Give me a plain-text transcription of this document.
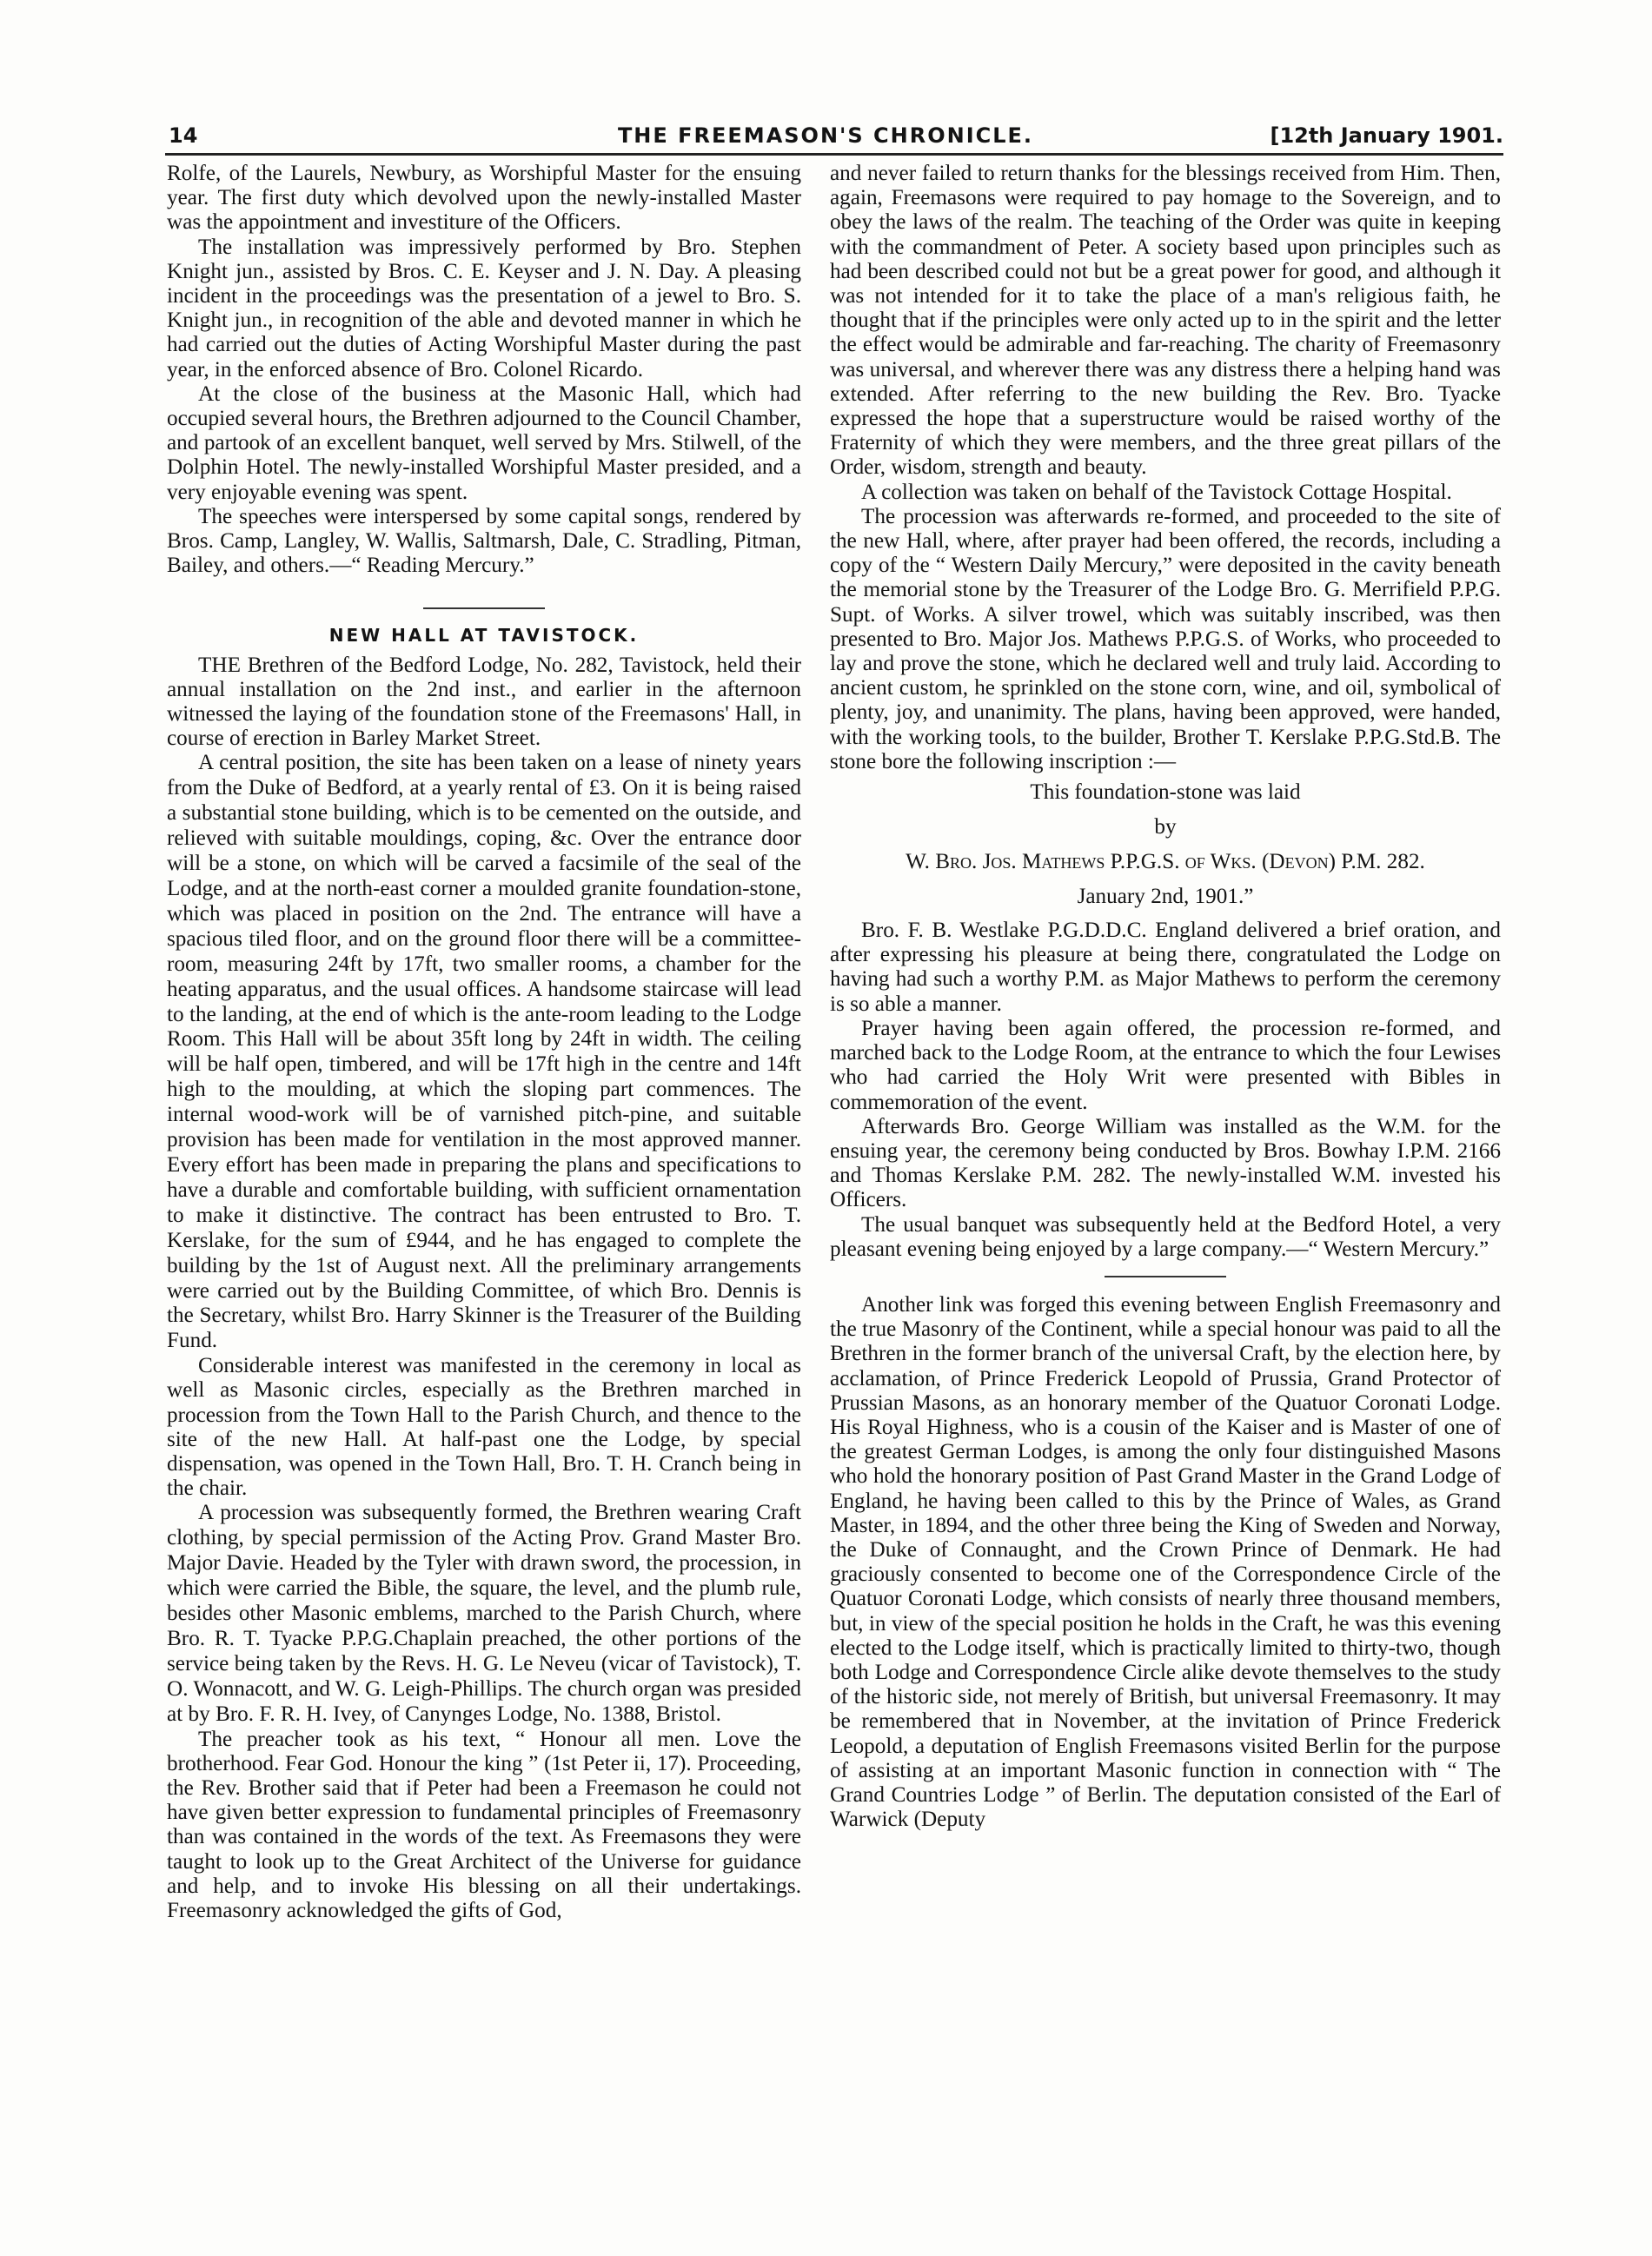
14	THE FREEMASON'S CHRONICLE.	[12th January 1901.

Rolfe, of the Laurels, Newbury, as Worshipful Master for the ensuing year. The first duty which devolved upon the newly-installed Master was the appointment and investiture of the Officers.

The installation was impressively performed by Bro. Stephen Knight jun., assisted by Bros. C. E. Keyser and J. N. Day. A pleasing incident in the proceedings was the presentation of a jewel to Bro. S. Knight jun., in recognition of the able and devoted manner in which he had carried out the duties of Acting Worshipful Master during the past year, in the enforced absence of Bro. Colonel Ricardo.

At the close of the business at the Masonic Hall, which had occupied several hours, the Brethren adjourned to the Council Chamber, and partook of an excellent banquet, well served by Mrs. Stilwell, of the Dolphin Hotel. The newly-installed Worshipful Master presided, and a very enjoyable evening was spent.

The speeches were interspersed by some capital songs, rendered by Bros. Camp, Langley, W. Wallis, Saltmarsh, Dale, C. Stradling, Pitman, Bailey, and others.—“ Reading Mercury.”

NEW HALL AT TAVISTOCK.

THE Brethren of the Bedford Lodge, No. 282, Tavistock, held their annual installation on the 2nd inst., and earlier in the afternoon witnessed the laying of the foundation stone of the Freemasons' Hall, in course of erection in Barley Market Street.

A central position, the site has been taken on a lease of ninety years from the Duke of Bedford, at a yearly rental of £3. On it is being raised a substantial stone building, which is to be cemented on the outside, and relieved with suitable mouldings, coping, &c. Over the entrance door will be a stone, on which will be carved a facsimile of the seal of the Lodge, and at the north-east corner a moulded granite foundation-stone, which was placed in position on the 2nd. The entrance will have a spacious tiled floor, and on the ground floor there will be a committee-room, measuring 24ft by 17ft, two smaller rooms, a chamber for the heating apparatus, and the usual offices. A handsome staircase will lead to the landing, at the end of which is the ante-room leading to the Lodge Room. This Hall will be about 35ft long by 24ft in width. The ceiling will be half open, timbered, and will be 17ft high in the centre and 14ft high to the moulding, at which the sloping part commences. The internal wood-work will be of varnished pitch-pine, and suitable provision has been made for ventilation in the most approved manner. Every effort has been made in preparing the plans and specifications to have a durable and comfortable building, with sufficient ornamentation to make it distinctive. The contract has been entrusted to Bro. T. Kerslake, for the sum of £944, and he has engaged to complete the building by the 1st of August next. All the preliminary arrangements were carried out by the Building Committee, of which Bro. Dennis is the Secretary, whilst Bro. Harry Skinner is the Treasurer of the Building Fund.

Considerable interest was manifested in the ceremony in local as well as Masonic circles, especially as the Brethren marched in procession from the Town Hall to the Parish Church, and thence to the site of the new Hall. At half-past one the Lodge, by special dispensation, was opened in the Town Hall, Bro. T. H. Cranch being in the chair.

A procession was subsequently formed, the Brethren wearing Craft clothing, by special permission of the Acting Prov. Grand Master Bro. Major Davie. Headed by the Tyler with drawn sword, the procession, in which were carried the Bible, the square, the level, and the plumb rule, besides other Masonic emblems, marched to the Parish Church, where Bro. R. T. Tyacke P.P.G.Chaplain preached, the other portions of the service being taken by the Revs. H. G. Le Neveu (vicar of Tavistock), T. O. Wonnacott, and W. G. Leigh-Phillips. The church organ was presided at by Bro. F. R. H. Ivey, of Canynges Lodge, No. 1388, Bristol.

The preacher took as his text, “ Honour all men. Love the brotherhood. Fear God. Honour the king ” (1st Peter ii, 17). Proceeding, the Rev. Brother said that if Peter had been a Freemason he could not have given better expression to fundamental principles of Freemasonry than was contained in the words of the text. As Freemasons they were taught to look up to the Great Architect of the Universe for guidance and help, and to invoke His blessing on all their undertakings. Freemasonry acknowledged the gifts of God,

and never failed to return thanks for the blessings received from Him. Then, again, Freemasons were required to pay homage to the Sovereign, and to obey the laws of the realm. The teaching of the Order was quite in keeping with the commandment of Peter. A society based upon principles such as had been described could not but be a great power for good, and although it was not intended for it to take the place of a man's religious faith, he thought that if the principles were only acted up to in the spirit and the letter the effect would be admirable and far-reaching. The charity of Freemasonry was universal, and wherever there was any distress there a helping hand was extended. After referring to the new building the Rev. Bro. Tyacke expressed the hope that a superstructure would be raised worthy of the Fraternity of which they were members, and the three great pillars of the Order, wisdom, strength and beauty.

A collection was taken on behalf of the Tavistock Cottage Hospital.

The procession was afterwards re-formed, and proceeded to the site of the new Hall, where, after prayer had been offered, the records, including a copy of the “ Western Daily Mercury,” were deposited in the cavity beneath the memorial stone by the Treasurer of the Lodge Bro. G. Merrifield P.P.G. Supt. of Works. A silver trowel, which was suitably inscribed, was then presented to Bro. Major Jos. Mathews P.P.G.S. of Works, who proceeded to lay and prove the stone, which he declared well and truly laid. According to ancient custom, he sprinkled on the stone corn, wine, and oil, symbolical of plenty, joy, and unanimity. The plans, having been approved, were handed, with the working tools, to the builder, Brother T. Kerslake P.P.G.Std.B. The stone bore the following inscription :—

This foundation-stone was laid
by
W. Bro. Jos. Mathews P.P.G.S. of Wks. (Devon) P.M. 282.
January 2nd, 1901.”

Bro. F. B. Westlake P.G.D.D.C. England delivered a brief oration, and after expressing his pleasure at being there, congratulated the Lodge on having had such a worthy P.M. as Major Mathews to perform the ceremony is so able a manner.

Prayer having been again offered, the procession re-formed, and marched back to the Lodge Room, at the entrance to which the four Lewises who had carried the Holy Writ were presented with Bibles in commemoration of the event.

Afterwards Bro. George William was installed as the W.M. for the ensuing year, the ceremony being conducted by Bros. Bowhay I.P.M. 2166 and Thomas Kerslake P.M. 282. The newly-installed W.M. invested his Officers.

The usual banquet was subsequently held at the Bedford Hotel, a very pleasant evening being enjoyed by a large company.—“ Western Mercury.”

Another link was forged this evening between English Freemasonry and the true Masonry of the Continent, while a special honour was paid to all the Brethren in the former branch of the universal Craft, by the election here, by acclamation, of Prince Frederick Leopold of Prussia, Grand Protector of Prussian Masons, as an honorary member of the Quatuor Coronati Lodge. His Royal Highness, who is a cousin of the Kaiser and is Master of one of the greatest German Lodges, is among the only four distinguished Masons who hold the honorary position of Past Grand Master in the Grand Lodge of England, he having been called to this by the Prince of Wales, as Grand Master, in 1894, and the other three being the King of Sweden and Norway, the Duke of Connaught, and the Crown Prince of Denmark. He had graciously consented to become one of the Correspondence Circle of the Quatuor Coronati Lodge, which consists of nearly three thousand members, but, in view of the special position he holds in the Craft, he was this evening elected to the Lodge itself, which is practically limited to thirty-two, though both Lodge and Correspondence Circle alike devote themselves to the study of the historic side, not merely of British, but universal Freemasonry. It may be remembered that in November, at the invitation of Prince Frederick Leopold, a deputation of English Freemasons visited Berlin for the purpose of assisting at an important Masonic function in connection with “ The Grand Countries Lodge ” of Berlin. The deputation consisted of the Earl of Warwick (Deputy
